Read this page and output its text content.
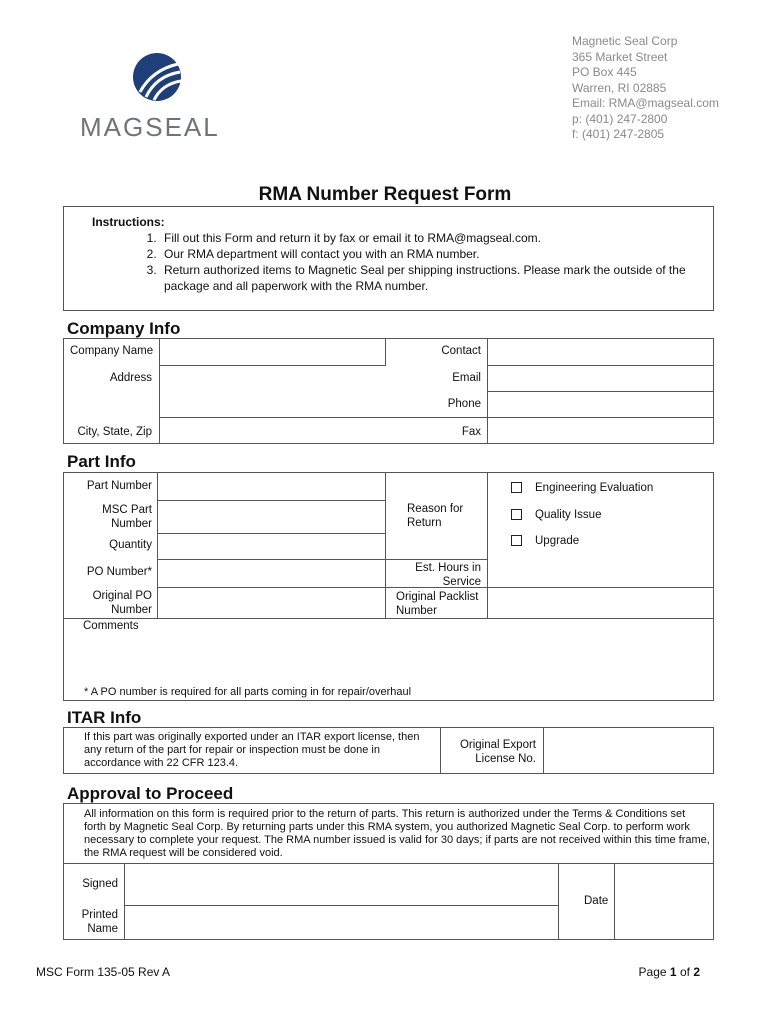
MAGSEAL
Magnetic Seal Corp
365 Market Street
PO Box 445
Warren, RI 02885
Email: RMA@magseal.com
p: (401) 247-2800
f: (401) 247-2805
RMA Number Request Form
Instructions:
1. Fill out this Form and return it by fax or email it to RMA@magseal.com.
2. Our RMA department will contact you with an RMA number.
3. Return authorized items to Magnetic Seal per shipping instructions. Please mark the outside of the package and all paperwork with the RMA number.
Company Info
Company Name
Address
City, State, Zip
Contact
Email
Phone
Fax
Part Info
Part Number
MSC Part Number
Quantity
PO Number*
Original PO Number
Reason for Return
Est. Hours in Service
Original Packlist Number
Engineering Evaluation
Quality Issue
Upgrade
Comments
* A PO number is required for all parts coming in for repair/overhaul
ITAR Info
If this part was originally exported under an ITAR export license, then any return of the part for repair or inspection must be done in accordance with 22 CFR 123.4.
Original Export License No.
Approval to Proceed
All information on this form is required prior to the return of parts. This return is authorized under the Terms & Conditions set forth by Magnetic Seal Corp. By returning parts under this RMA system, you authorized Magnetic Seal Corp. to perform work necessary to complete your request. The RMA number issued is valid for 30 days; if parts are not received within this time frame, the RMA request will be considered void.
Signed
Printed Name
Date
MSC Form 135-05 Rev A	Page 1 of 2
